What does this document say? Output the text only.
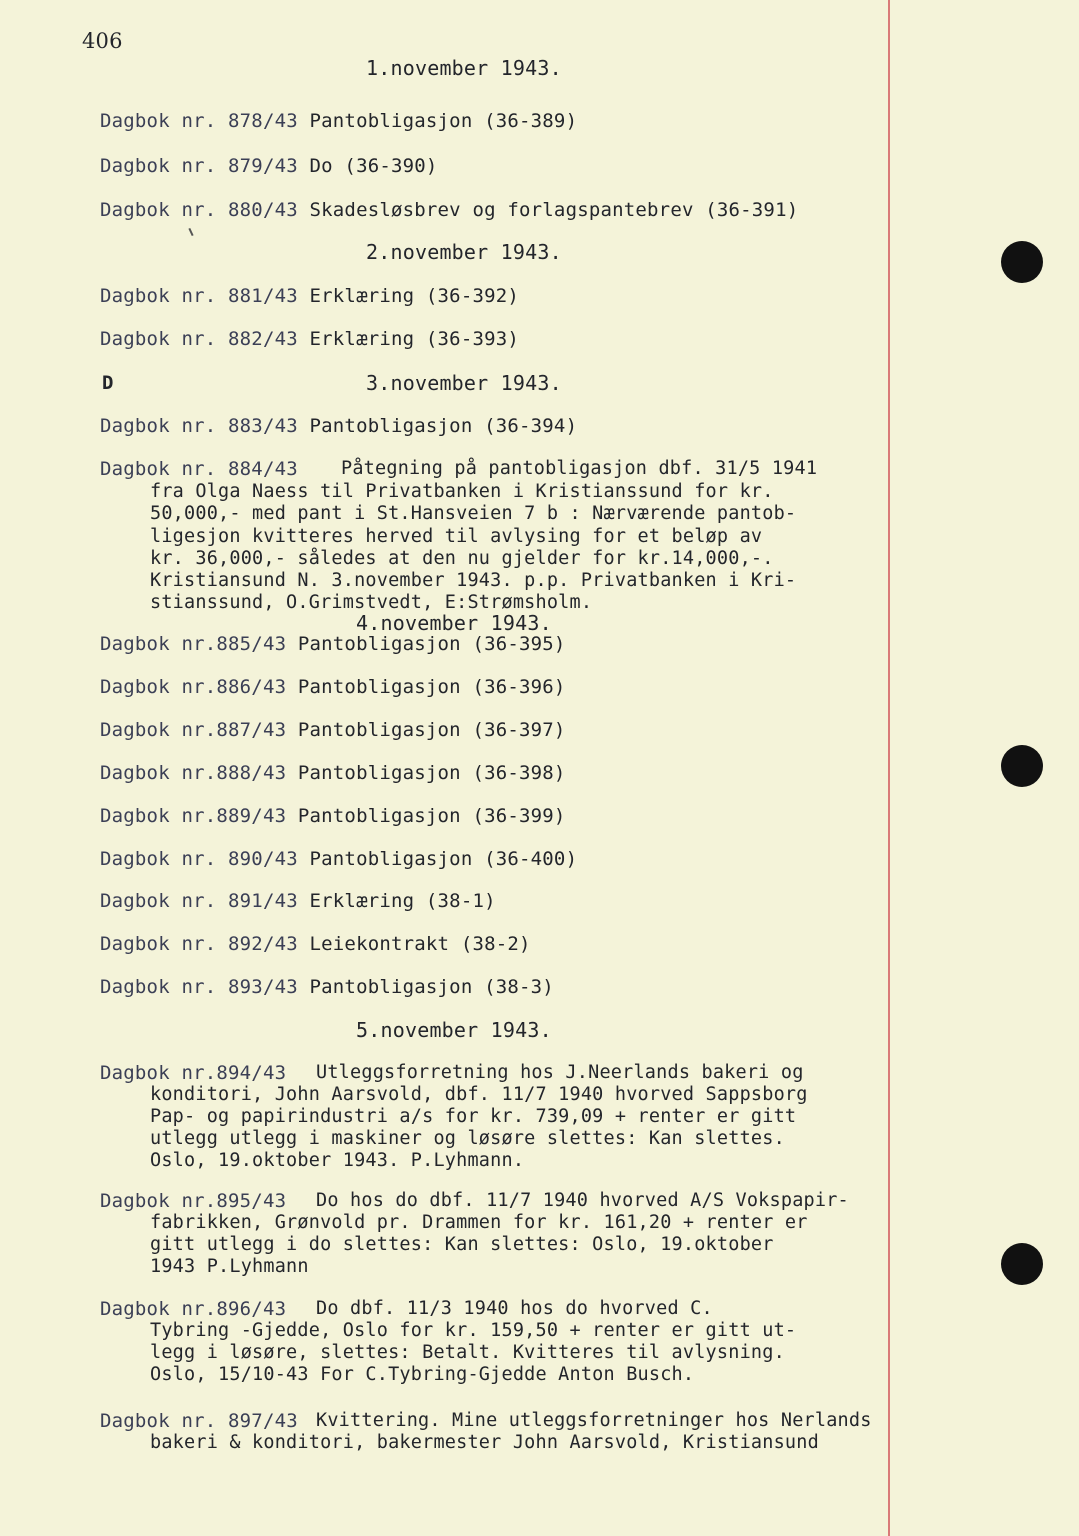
406
1.november 1943.
Dagbok nr. 878/43 Pantobligasjon (36-389)
Dagbok nr. 879/43 Do (36-390)
Dagbok nr. 880/43 Skadesløsbrev og forlagspantebrev (36-391)
2.november 1943.
Dagbok nr. 881/43 Erklæring (36-392)
Dagbok nr. 882/43 Erklæring (36-393)
D	3.november 1943.
Dagbok nr. 883/43 Pantobligasjon (36-394)
Dagbok nr. 884/43 Påtegning på pantobligasjon dbf. 31/5 1941
fra Olga Naess til Privatbanken i Kristianssund for kr.
50,000,- med pant i St.Hansveien 7 b : Nærværende pantob-
ligesjon kvitteres herved til avlysing for et beløp av
kr. 36,000,- således at den nu gjelder for kr.14,000,-.
Kristiansund N. 3.november 1943. p.p. Privatbanken i Kri-
stianssund, O.Grimstvedt, E:Strømsholm.
4.november 1943.
Dagbok nr.885/43 Pantobligasjon (36-395)
Dagbok nr.886/43 Pantobligasjon (36-396)
Dagbok nr.887/43 Pantobligasjon (36-397)
Dagbok nr.888/43 Pantobligasjon (36-398)
Dagbok nr.889/43 Pantobligasjon (36-399)
Dagbok nr. 890/43 Pantobligasjon (36-400)
Dagbok nr. 891/43 Erklæring (38-1)
Dagbok nr. 892/43 Leiekontrakt (38-2)
Dagbok nr. 893/43 Pantobligasjon (38-3)
5.november 1943.
Dagbok nr.894/43 Utleggsforretning hos J.Neerlands bakeri og
konditori, John Aarsvold, dbf. 11/7 1940 hvorved Sappsborg
Pap- og papirindustri a/s for kr. 739,09 + renter er gitt
utlegg utlegg i maskiner og løsøre slettes: Kan slettes.
Oslo, 19.oktober 1943. P.Lyhmann.
Dagbok nr.895/43 Do hos do dbf. 11/7 1940 hvorved A/S Vokspapir-
fabrikken, Grønvold pr. Drammen for kr. 161,20 + renter er
gitt utlegg i do slettes: Kan slettes: Oslo, 19.oktober
1943 P.Lyhmann
Dagbok nr.896/43 Do dbf. 11/3 1940 hos do hvorved C.
Tybring -Gjedde, Oslo for kr. 159,50 + renter er gitt ut-
legg i løsøre, slettes: Betalt. Kvitteres til avlysning.
Oslo, 15/10-43 For C.Tybring-Gjedde Anton Busch.
Dagbok nr. 897/43 Kvittering. Mine utleggsforretninger hos Nerlands
bakeri & konditori, bakermester John Aarsvold, Kristiansund
